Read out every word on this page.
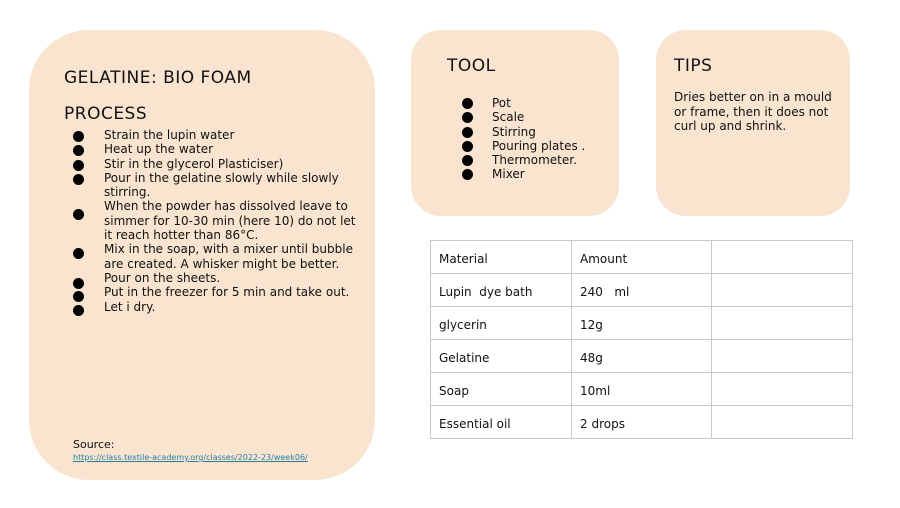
GELATINE: BIO FOAM
PROCESS
Strain the lupin water
Heat up the water
Stir in the glycerol Plasticiser)
Pour in the gelatine slowly while slowly stirring.
When the powder has dissolved leave to simmer for 10-30 min (here 10) do not let it reach hotter than 86°C.
Mix in the soap, with a mixer until bubble are created. A whisker might be better.
Pour on the sheets.
Put in the freezer for 5 min and take out.
Let i dry.
Source:
https://class.textile-academy.org/classes/2022-23/week06/
TOOL
Pot
Scale
Stirring
Pouring plates .
Thermometer.
Mixer
TIPS
Dries better on in a mould or frame, then it does not curl up and shrink.
Material	Amount	
Lupin  dye bath	240   ml	
glycerin	12g	
Gelatine	48g	
Soap	10ml	
Essential oil	2 drops	
